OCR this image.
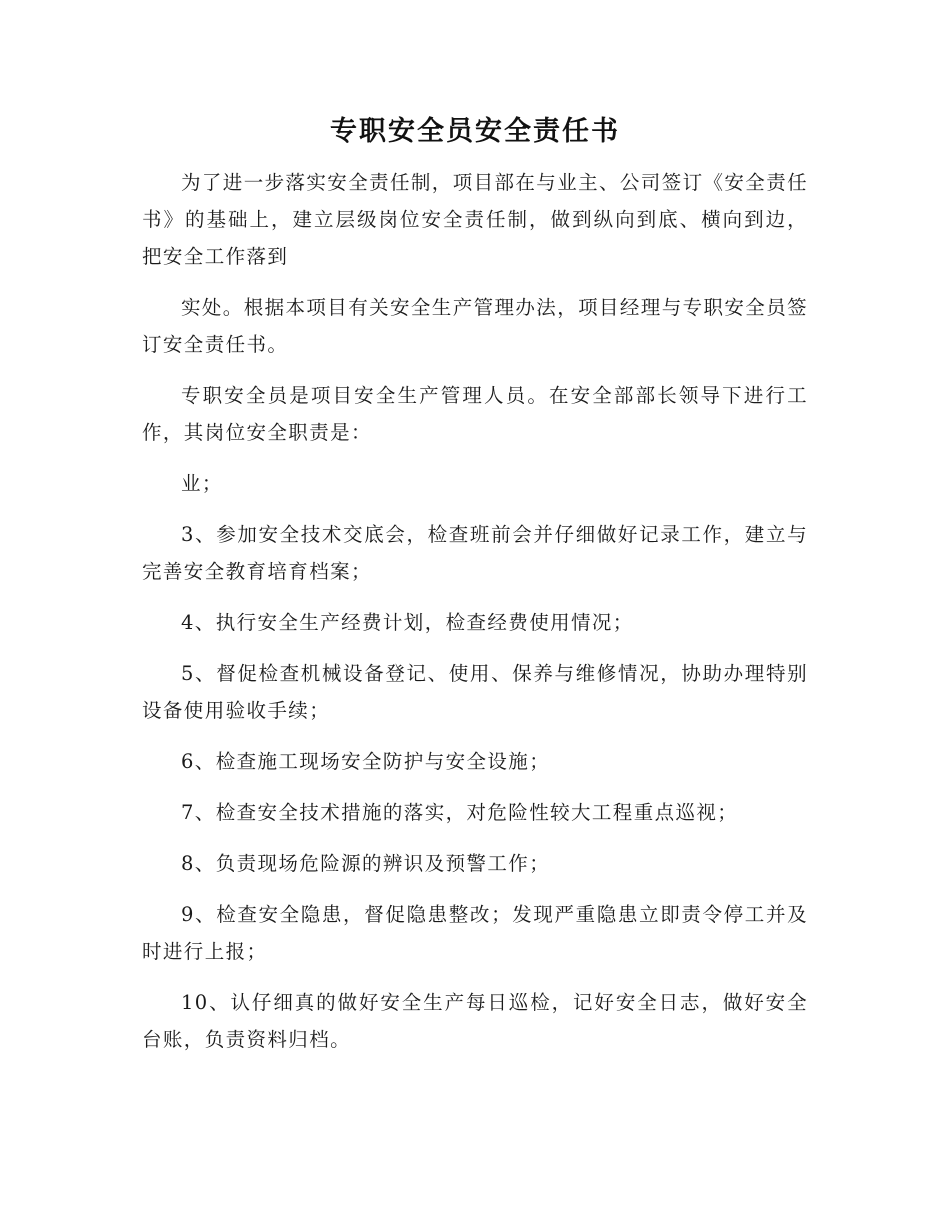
专职安全员安全责任书

为了进一步落实安全责任制，项目部在与业主、公司签订《安全责任书》的基础上，建立层级岗位安全责任制，做到纵向到底、横向到边，把安全工作落到

实处。根据本项目有关安全生产管理办法，项目经理与专职安全员签订安全责任书。

专职安全员是项目安全生产管理人员。在安全部部长领导下进行工作，其岗位安全职责是：

业；

3、参加安全技术交底会，检查班前会并仔细做好记录工作，建立与完善安全教育培育档案；

4、执行安全生产经费计划，检查经费使用情况；

5、督促检查机械设备登记、使用、保养与维修情况，协助办理特别设备使用验收手续；

6、检查施工现场安全防护与安全设施；

7、检查安全技术措施的落实，对危险性较大工程重点巡视；

8、负责现场危险源的辨识及预警工作；

9、检查安全隐患，督促隐患整改；发现严重隐患立即责令停工并及时进行上报；

10、认仔细真的做好安全生产每日巡检，记好安全日志，做好安全台账，负责资料归档。
